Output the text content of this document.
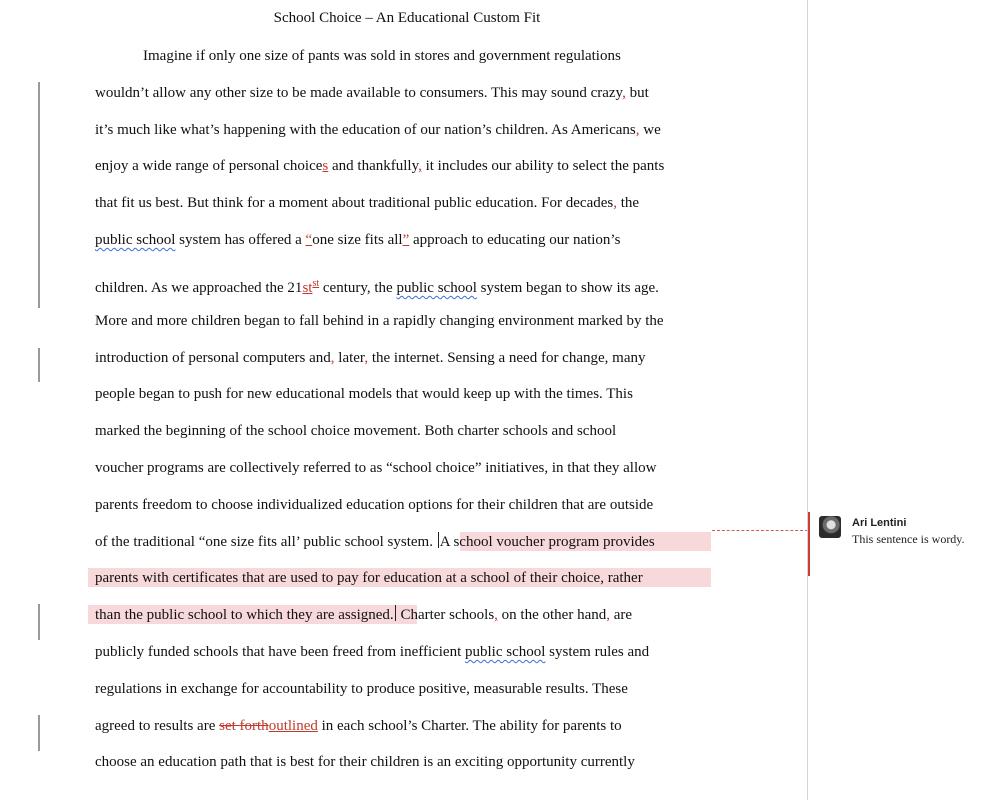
School Choice – An Educational Custom Fit
Imagine if only one size of pants was sold in stores and government regulations
wouldn’t allow any other size to be made available to consumers. This may sound crazy, but
it’s much like what’s happening with the education of our nation’s children. As Americans, we
enjoy a wide range of personal choices and thankfully, it includes our ability to select the pants
that fit us best. But think for a moment about traditional public education. For decades, the
public school system has offered a “one size fits all” approach to educating our nation’s
children. As we approached the $21st^{st}$ century, the public school system began to show its age.
More and more children began to fall behind in a rapidly changing environment marked by the
introduction of personal computers and, later, the internet. Sensing a need for change, many
people began to push for new educational models that would keep up with the times. This
marked the beginning of the school choice movement. Both charter schools and school
voucher programs are collectively referred to as “school choice” initiatives, in that they allow
parents freedom to choose individualized education options for their children that are outside
of the traditional “one size fits all’ public school system. A school voucher program provides
parents with certificates that are used to pay for education at a school of their choice, rather
than the public school to which they are assigned. Charter schools, on the other hand, are
publicly funded schools that have been freed from inefficient public school system rules and
regulations in exchange for accountability to produce positive, measurable results. These
agreed to results are set forthoutlined in each school’s Charter. The ability for parents to
choose an education path that is best for their children is an exciting opportunity currently
Ari Lentini
This sentence is wordy.
